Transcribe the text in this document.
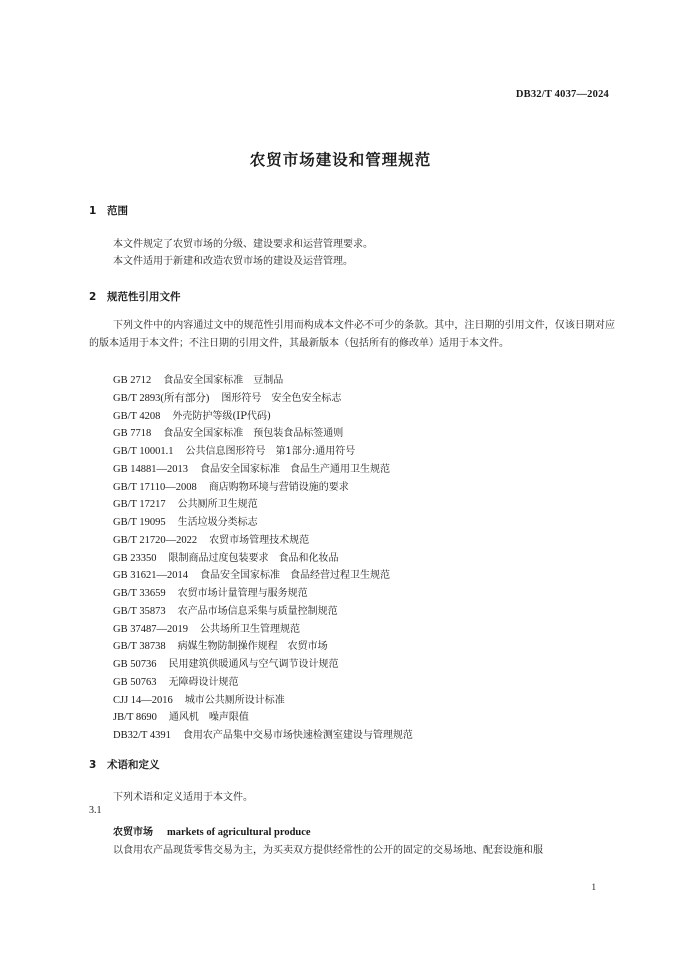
DB32/T 4037—2024
农贸市场建设和管理规范
1 范围
本文件规定了农贸市场的分级、建设要求和运营管理要求。
本文件适用于新建和改造农贸市场的建设及运营管理。
2 规范性引用文件
下列文件中的内容通过文中的规范性引用而构成本文件必不可少的条款。其中，注日期的引用文件，仅该日期对应的版本适用于本文件；不注日期的引用文件，其最新版本（包括所有的修改单）适用于本文件。
GB 2712 食品安全国家标准　豆制品
GB/T 2893(所有部分) 图形符号　安全色安全标志
GB/T 4208 外壳防护等级(IP代码)
GB 7718 食品安全国家标准　预包装食品标签通则
GB/T 10001.1 公共信息图形符号　第1部分:通用符号
GB 14881—2013 食品安全国家标准　食品生产通用卫生规范
GB/T 17110—2008 商店购物环境与营销设施的要求
GB/T 17217 公共厕所卫生规范
GB/T 19095 生活垃圾分类标志
GB/T 21720—2022 农贸市场管理技术规范
GB 23350 限制商品过度包装要求　食品和化妆品
GB 31621—2014 食品安全国家标准　食品经营过程卫生规范
GB/T 33659 农贸市场计量管理与服务规范
GB/T 35873 农产品市场信息采集与质量控制规范
GB 37487—2019 公共场所卫生管理规范
GB/T 38738 病媒生物防制操作规程　农贸市场
GB 50736 民用建筑供暖通风与空气调节设计规范
GB 50763 无障碍设计规范
CJJ 14—2016 城市公共厕所设计标准
JB/T 8690 通风机　噪声限值
DB32/T 4391 食用农产品集中交易市场快速检测室建设与管理规范
3 术语和定义
下列术语和定义适用于本文件。
3.1
农贸市场 markets of agricultural produce
以食用农产品现货零售交易为主，为买卖双方提供经常性的公开的固定的交易场地、配套设施和服
1
